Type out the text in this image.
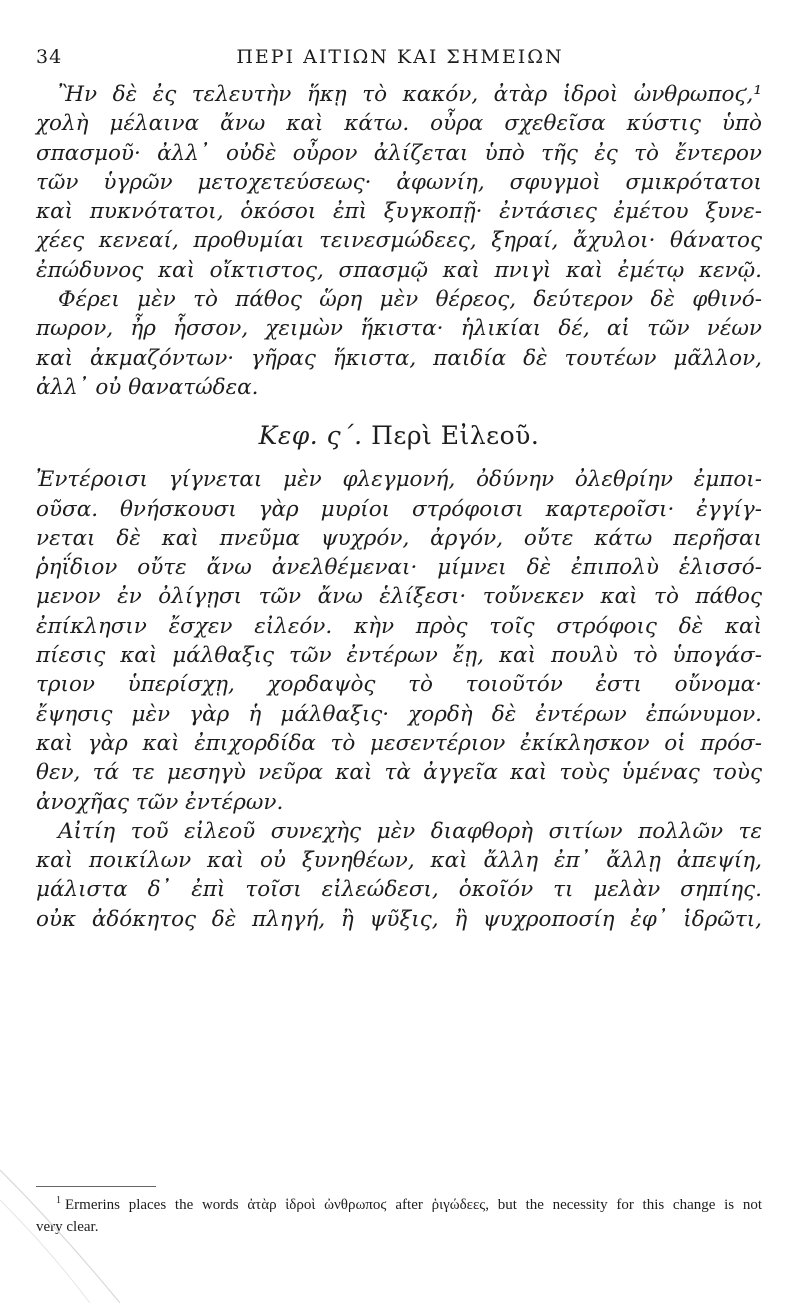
34	ΠΕΡΙ ΑΙΤΙΩΝ ΚΑΙ ΣΗΜΕΙΩΝ
Ἢν δὲ ἐς τελευτὴν ἥκῃ τὸ κακόν, ἀτὰρ ἱδροὶ ὠνθρωποϛ,¹
χολὴ μέλαινα ἄνω καὶ κάτω. οὖρα σχεθεῖσα κύστις ὑπὸ
σπασμοῦ· ἀλλ᾽ οὐδὲ οὖρον ἀλίζεται ὑπὸ τῆς ἐς τὸ ἔντερον
τῶν ὑγρῶν μετοχετεύσεως· ἀφωνίη, σφυγμοὶ σμικρότατοι
καὶ πυκνότατοι, ὁκόσοι ἐπὶ ξυγκοπῇ· ἐντάσιες ἐμέτου ξυνε-
χέες κενεαί, προθυμίαι τεινεσμώδεες, ξηραί, ἄχυλοι· θάνατος
ἐπώδυνος καὶ οἴκτιστος, σπασμῷ καὶ πνιγὶ καὶ ἐμέτῳ κενῷ.
Φέρει μὲν τὸ πάθος ὥρη μὲν θέρεος, δεύτερον δὲ φθινό-
πωρον, ἦρ ἧσσον, χειμὼν ἥκιστα· ἡλικίαι δέ, αἱ τῶν νέων
καὶ ἀκμαζόντων· γῆρας ἥκιστα, παιδία δὲ τουτέων μᾶλλον,
ἀλλ᾽ οὐ θανατώδεα.
Κεφ. ς´. Περὶ Εἰλεοῦ.
Ἐντέροισι γίγνεται μὲν φλεγμονή, ὀδύνην ὀλεθρίην ἐμποι-
οῦσα. θνήσκουσι γὰρ μυρίοι στρόφοισι καρτεροῖσι· ἐγγίγ-
νεται δὲ καὶ πνεῦμα ψυχρόν, ἀργόν, οὔτε κάτω περῆσαι
ῥηΐδιον οὔτε ἄνω ἀνελθέμεναι· μίμνει δὲ ἐπιπολὺ ἑλισσό-
μενον ἐν ὀλίγῃσι τῶν ἄνω ἑλίξεσι· τοὔνεκεν καὶ τὸ πάθος
ἐπίκλησιν ἔσχεν εἰλεόν. κὴν πρὸς τοῖς στρόφοις δὲ καὶ
πίεσις καὶ μάλθαξις τῶν ἐντέρων ἔῃ, καὶ πουλὺ τὸ ὑπογάσ-
τριον ὑπερίσχῃ, χορδαψὸς τὸ τοιοῦτόν ἐστι οὔνομα·
ἔψησις μὲν γὰρ ἡ μάλθαξις· χορδὴ δὲ ἐντέρων ἐπώνυμον.
καὶ γὰρ καὶ ἐπιχορδίδα τὸ μεσεντέριον ἐκίκλησκον οἱ πρόσ-
θεν, τά τε μεσηγὺ νεῦρα καὶ τὰ ἀγγεῖα καὶ τοὺς ὑμένας τοὺς
ἀνοχῆας τῶν ἐντέρων.
Αἰτίη τοῦ εἰλεοῦ συνεχὴς μὲν διαφθορὴ σιτίων πολλῶν τε
καὶ ποικίλων καὶ οὐ ξυνηθέων, καὶ ἄλλη ἐπ᾽ ἄλλῃ ἀπεψίη,
μάλιστα δ᾽ ἐπὶ τοῖσι εἰλεώδεσι, ὁκοῖόν τι μελὰν σηπίης.
οὐκ ἀδόκητος δὲ πληγή, ἢ ψῦξις, ἢ ψυχροποσίη ἐφ᾽ ἱδρῶτι,
$^1$ Ermerins places the words ἀτὰρ ἱδροὶ ὠνθρωποϛ after ῥιγώδεες, but the necessity for this change is not
very clear.
